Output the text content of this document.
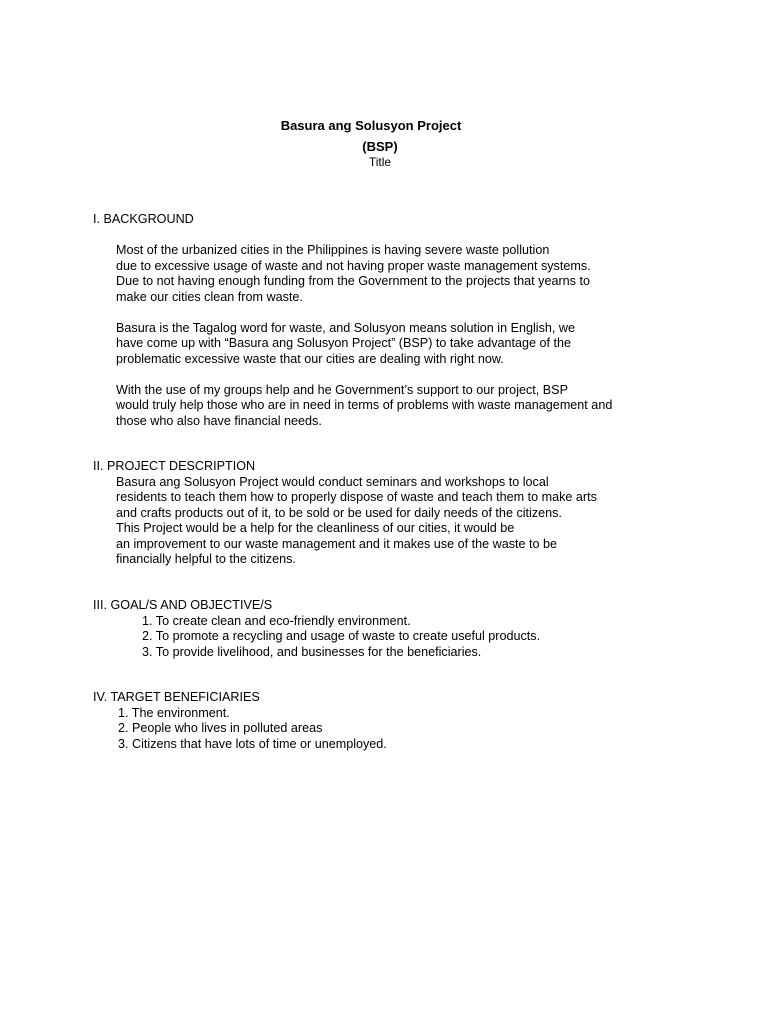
Basura ang Solusyon Project
(BSP)
Title
I. BACKGROUND

Most of the urbanized cities in the Philippines is having severe waste pollution
due to excessive usage of waste and not having proper waste management systems.
Due to not having enough funding from the Government to the projects that yearns to
make our cities clean from waste.

Basura is the Tagalog word for waste, and Solusyon means solution in English, we
have come up with “Basura ang Solusyon Project” (BSP) to take advantage of the
problematic excessive waste that our cities are dealing with right now.

With the use of my groups help and he Government’s support to our project, BSP
would truly help those who are in need in terms of problems with waste management and
those who also have financial needs.

II. PROJECT DESCRIPTION

Basura ang Solusyon Project would conduct seminars and workshops to local
residents to teach them how to properly dispose of waste and teach them to make arts
and crafts products out of it, to be sold or be used for daily needs of the citizens.

This Project would be a help for the cleanliness of our cities, it would be
an improvement to our waste management and it makes use of the waste to be
financially helpful to the citizens.

III. GOAL/S AND OBJECTIVE/S
1. To create clean and eco-friendly environment.
2. To promote a recycling and usage of waste to create useful products.
3. To provide livelihood, and businesses for the beneficiaries.
IV. TARGET BENEFICIARIES
1. The environment.
2. People who lives in polluted areas
3. Citizens that have lots of time or unemployed.
